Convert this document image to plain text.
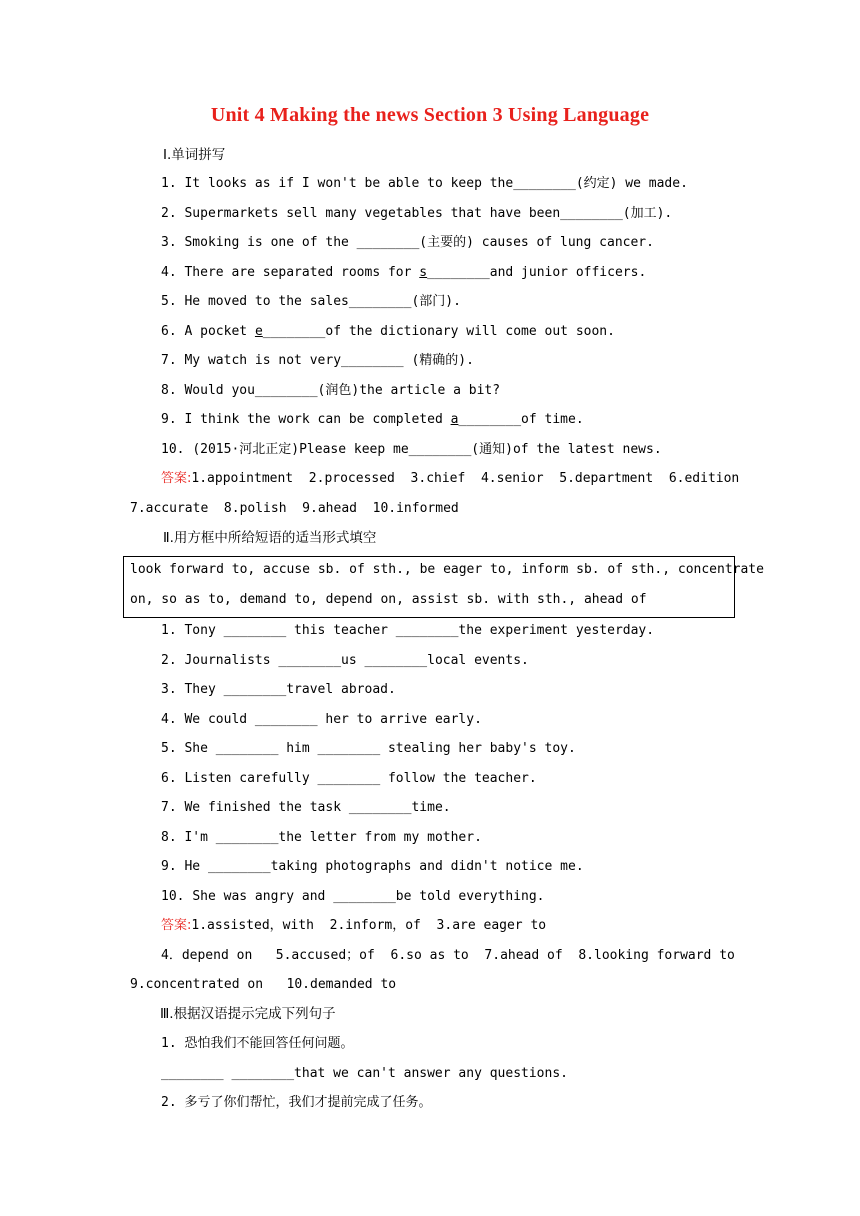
Unit 4 Making the news Section 3 Using Language
Ⅰ.单词拼写
1. It looks as if I won't be able to keep the________(约定) we made.
2. Supermarkets sell many vegetables that have been________(加工).
3. Smoking is one of the ________(主要的) causes of lung cancer.
4. There are separated rooms for s________and junior officers.
5. He moved to the sales________(部门).
6. A pocket e________of the dictionary will come out soon.
7. My watch is not very________ (精确的).
8. Would you________(润色)the article a bit?
9. I think the work can be completed a________of time.
10. (2015·河北正定)Please keep me________(通知)of the latest news.
答案:1.appointment  2.processed  3.chief  4.senior  5.department  6.edition
7.accurate  8.polish  9.ahead  10.informed
Ⅱ.用方框中所给短语的适当形式填空
look forward to, accuse sb. of sth., be eager to, inform sb. of sth., concentrate
on, so as to, demand to, depend on, assist sb. with sth., ahead of
1. Tony ________ this teacher ________the experiment yesterday.
2. Journalists ________us ________local events.
3. They ________travel abroad.
4. We could ________ her to arrive early.
5. She ________ him ________ stealing her baby's toy.
6. Listen carefully ________ follow the teacher.
7. We finished the task ________time.
8. I'm ________the letter from my mother.
9. He ________taking photographs and didn't notice me.
10. She was angry and ________be told everything.
答案:1.assisted，with  2.inform，of  3.are eager to
4．depend on   5.accused；of  6.so as to  7.ahead of  8.looking forward to
9.concentrated on   10.demanded to
Ⅲ.根据汉语提示完成下列句子
1. 恐怕我们不能回答任何问题。
________ ________that we can't answer any questions.
2. 多亏了你们帮忙，我们才提前完成了任务。
